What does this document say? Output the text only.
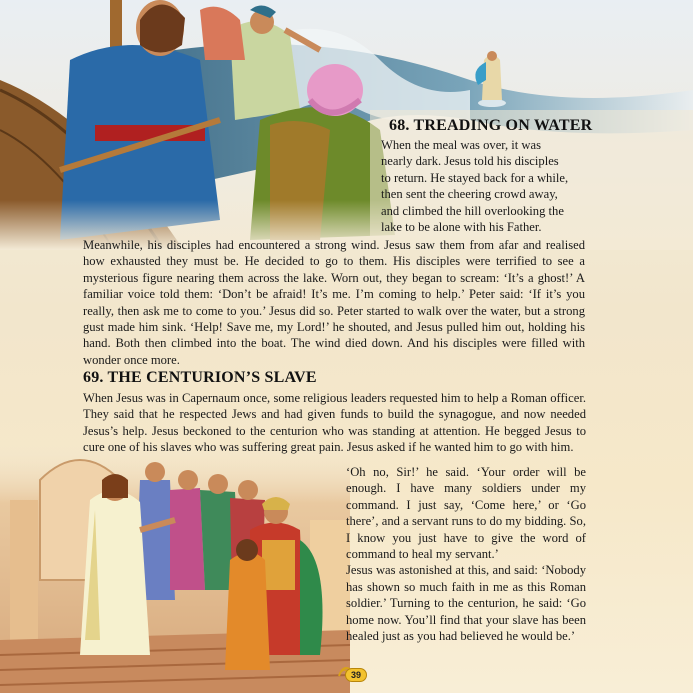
68. TREADING ON WATER

When the meal was over, it was

nearly dark. Jesus told his disciples

to return. He stayed back for a while,

then sent the cheering crowd away,

and climbed the hill overlooking the

lake to be alone with his Father.

Meanwhile, his disciples had encountered a strong wind. Jesus saw them from afar and realised how exhausted they must be. He decided to go to them. His disciples were terrified to see a mysterious figure nearing them across the lake. Worn out, they began to scream: ‘It’s a ghost!’ A familiar voice told them: ‘Don’t be afraid! It’s me. I’m coming to help.’ Peter said: ‘If it’s you really, then ask me to come to you.’ Jesus did so. Peter started to walk over the water, but a strong gust made him sink. ‘Help! Save me, my Lord!’ he shouted, and Jesus pulled him out, holding his hand. Both then climbed into the boat. The wind died down. And his disciples were filled with wonder once more.

69. THE CENTURION’S SLAVE

When Jesus was in Capernaum once, some religious leaders requested him to help a Roman officer. They said that he respected Jews and had given funds to build the synagogue, and now needed Jesus’s help. Jesus beckoned to the centurion who was standing at attention. He begged Jesus to cure one of his slaves who was suffering great pain. Jesus asked if he wanted him to go with him.

‘Oh no, Sir!’ he said. ‘Your order will be enough. I have many soldiers under my command. I just say, ‘Come here,’ or ‘Go there’, and a servant runs to do my bidding. So, I know you just have to give the word of command to heal my servant.’

Jesus was astonished at this, and said: ‘Nobody has shown so much faith in me as this Roman soldier.’ Turning to the centurion, he said: ‘Go home now. You’ll find that your slave has been healed just as you had believed he would be.’

39
